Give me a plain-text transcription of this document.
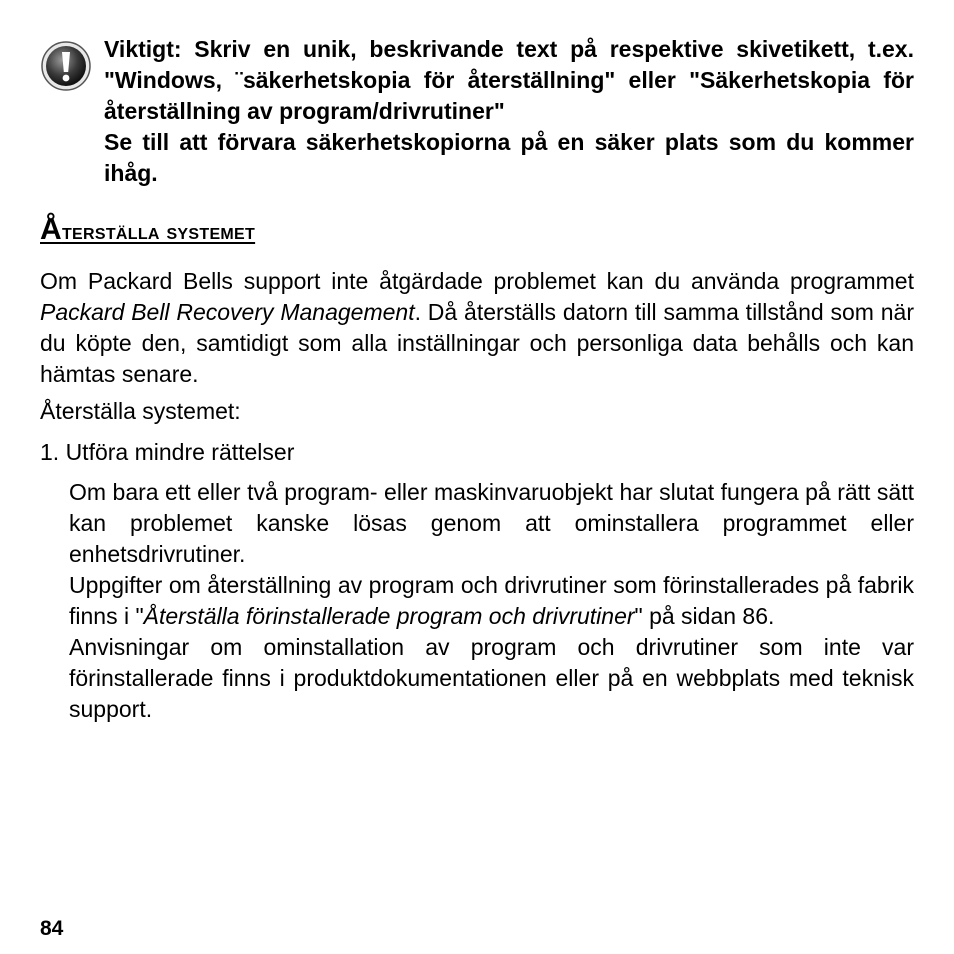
Viktigt: Skriv en unik, beskrivande text på respektive skivetikett, t.ex. "Windows, ¨säkerhetskopia för återställning" eller "Säkerhetskopia för återställning av program/drivrutiner"

Se till att förvara säkerhetskopiorna på en säker plats som du kommer ihåg.

Återställa systemet

Om Packard Bells support inte åtgärdade problemet kan du använda programmet Packard Bell Recovery Management. Då återställs datorn till samma tillstånd som när du köpte den, samtidigt som alla inställningar och personliga data behålls och kan hämtas senare.

Återställa systemet:

1. Utföra mindre rättelser

Om bara ett eller två program- eller maskinvaruobjekt har slutat fungera på rätt sätt kan problemet kanske lösas genom att ominstallera programmet eller enhetsdrivrutiner.

Uppgifter om återställning av program och drivrutiner som förinstallerades på fabrik finns i "Återställa förinstallerade program och drivrutiner" på sidan 86.

Anvisningar om ominstallation av program och drivrutiner som inte var förinstallerade finns i produktdokumentationen eller på en webbplats med teknisk support.

84
